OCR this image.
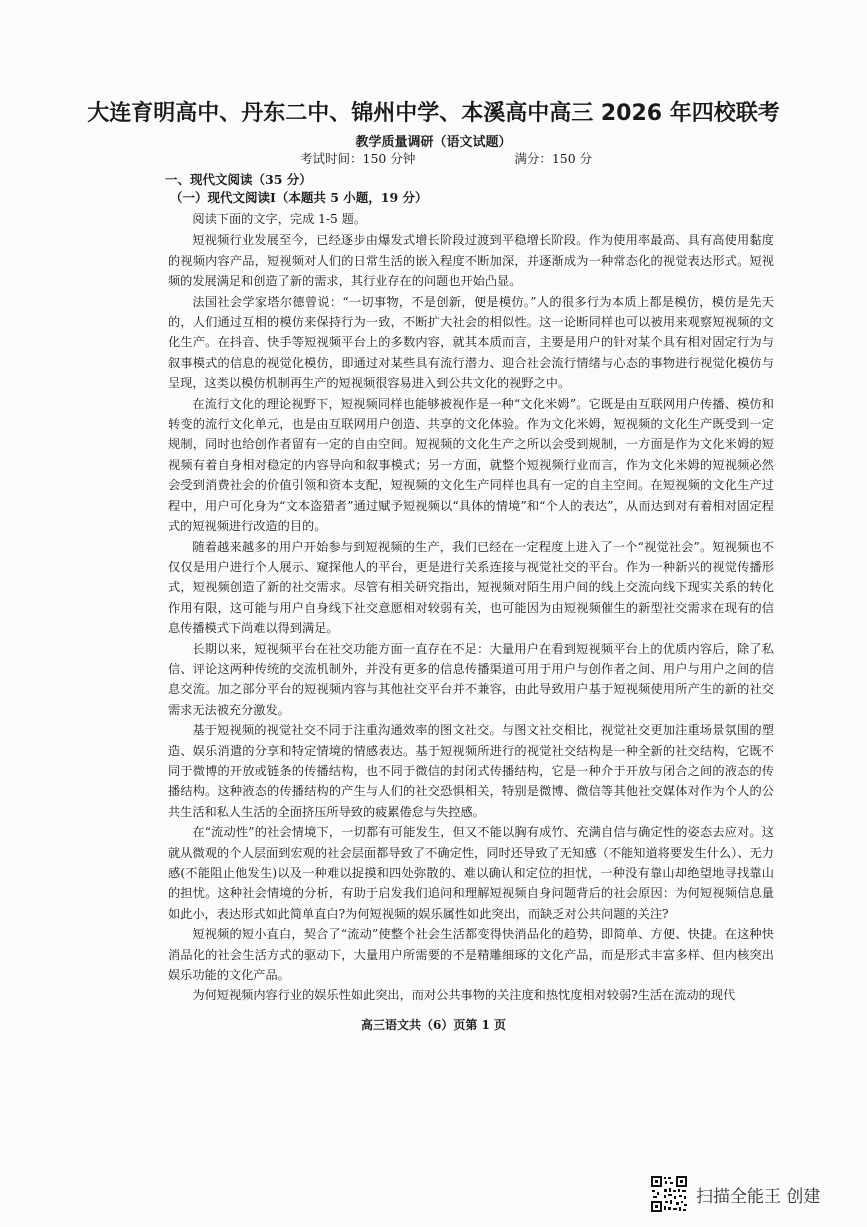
大连育明高中、丹东二中、锦州中学、本溪高中高三 2026 年四校联考
教学质量调研（语文试题）
考试时间：150 分钟	满分：150 分
一、现代文阅读（35 分）
（一）现代文阅读Ⅰ（本题共 5 小题，19 分）

阅读下面的文字，完成 1-5 题。

短视频行业发展至今，已经逐步由爆发式增长阶段过渡到平稳增长阶段。作为使用率最高、具有高使用黏度的视频内容产品，短视频对人们的日常生活的嵌入程度不断加深，并逐渐成为一种常态化的视觉表达形式。短视频的发展满足和创造了新的需求，其行业存在的问题也开始凸显。

法国社会学家塔尔德曾说：“一切事物，不是创新，便是模仿。”人的很多行为本质上都是模仿，模仿是先天的，人们通过互相的模仿来保持行为一致，不断扩大社会的相似性。这一论断同样也可以被用来观察短视频的文化生产。在抖音、快手等短视频平台上的多数内容，就其本质而言，主要是用户的针对某个具有相对固定行为与叙事模式的信息的视觉化模仿，即通过对某些具有流行潜力、迎合社会流行情绪与心态的事物进行视觉化模仿与呈现，这类以模仿机制再生产的短视频很容易进入到公共文化的视野之中。

在流行文化的理论视野下，短视频同样也能够被视作是一种“文化米姆”。它既是由互联网用户传播、模仿和转变的流行文化单元，也是由互联网用户创造、共享的文化体验。作为文化米姆，短视频的文化生产既受到一定规制，同时也给创作者留有一定的自由空间。短视频的文化生产之所以会受到规制，一方面是作为文化米姆的短视频有着自身相对稳定的内容导向和叙事模式；另一方面，就整个短视频行业而言，作为文化米姆的短视频必然会受到消费社会的价值引领和资本支配，短视频的文化生产同样也具有一定的自主空间。在短视频的文化生产过程中，用户可化身为“文本盗猎者”通过赋予短视频以“具体的情境”和“个人的表达”，从而达到对有着相对固定程式的短视频进行改造的目的。

随着越来越多的用户开始参与到短视频的生产，我们已经在一定程度上进入了一个“视觉社会”。短视频也不仅仅是用户进行个人展示、窥探他人的平台，更是进行关系连接与视觉社交的平台。作为一种新兴的视觉传播形式，短视频创造了新的社交需求。尽管有相关研究指出，短视频对陌生用户间的线上交流向线下现实关系的转化作用有限，这可能与用户自身线下社交意愿相对较弱有关，也可能因为由短视频催生的新型社交需求在现有的信息传播模式下尚难以得到满足。

长期以来，短视频平台在社交功能方面一直存在不足：大量用户在看到短视频平台上的优质内容后，除了私信、评论这两种传统的交流机制外，并没有更多的信息传播渠道可用于用户与创作者之间、用户与用户之间的信息交流。加之部分平台的短视频内容与其他社交平台并不兼容，由此导致用户基于短视频使用所产生的新的社交需求无法被充分激发。

基于短视频的视觉社交不同于注重沟通效率的图文社交。与图文社交相比，视觉社交更加注重场景氛围的塑造、娱乐消遣的分享和特定情境的情感表达。基于短视频所进行的视觉社交结构是一种全新的社交结构，它既不同于微博的开放或链条的传播结构，也不同于微信的封闭式传播结构，它是一种介于开放与闭合之间的液态的传播结构。这种液态的传播结构的产生与人们的社交恐惧相关，特别是微博、微信等其他社交媒体对作为个人的公共生活和私人生活的全面挤压所导致的疲累倦怠与失控感。

在“流动性”的社会情境下，一切都有可能发生，但又不能以胸有成竹、充满自信与确定性的姿态去应对。这就从微观的个人层面到宏观的社会层面都导致了不确定性，同时还导致了无知感（不能知道将要发生什么）、无力感(不能阻止他发生)以及一种难以捉摸和四处弥散的、难以确认和定位的担忧，一种没有靠山却绝望地寻找靠山的担忧。这种社会情境的分析，有助于启发我们追问和理解短视频自身问题背后的社会原因：为何短视频信息量如此小，表达形式如此简单直白?为何短视频的娱乐属性如此突出，而缺乏对公共问题的关注?

短视频的短小直白，契合了“流动”使整个社会生活都变得快消品化的趋势，即简单、方便、快捷。在这种快消品化的社会生活方式的驱动下，大量用户所需要的不是精雕细琢的文化产品，而是形式丰富多样、但内核突出娱乐功能的文化产品。

为何短视频内容行业的娱乐性如此突出，而对公共事物的关注度和热忱度相对较弱?生活在流动的现代

高三语文共（6）页第 1 页
扫描全能王 创建
